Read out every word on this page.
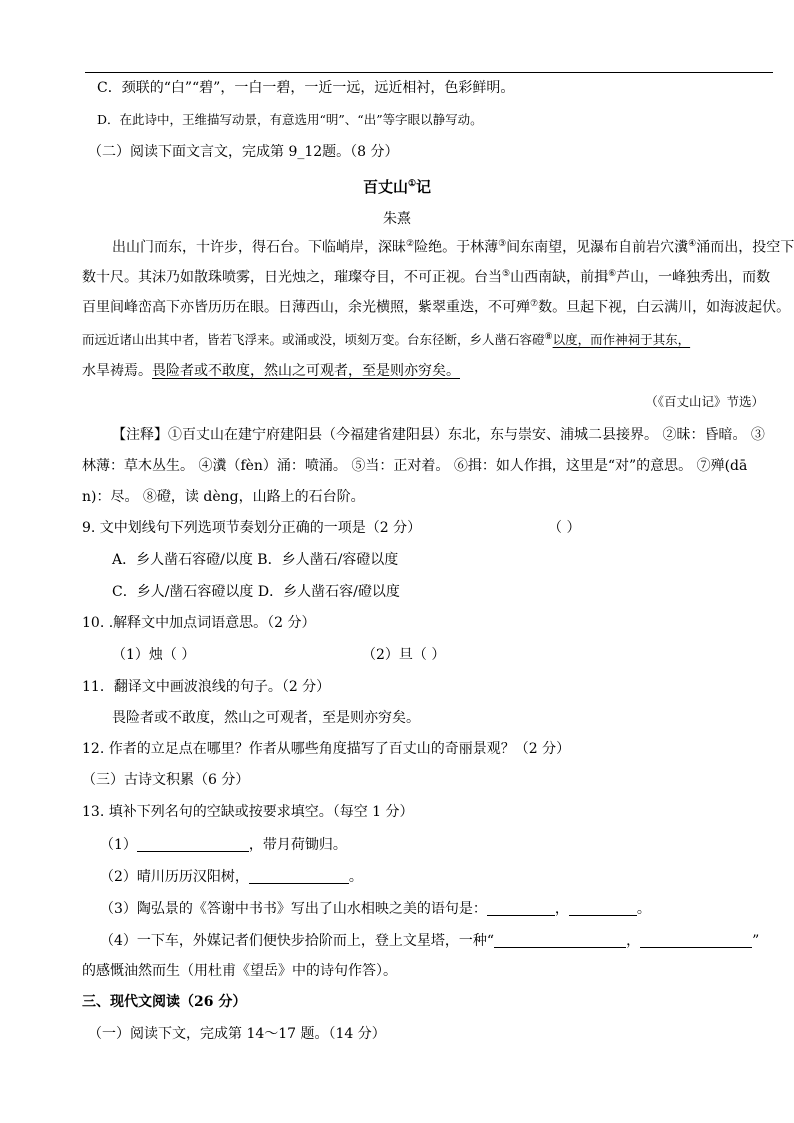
C．颈联的“白”“碧”，一白一碧，一近一远，远近相衬，色彩鲜明。
D．在此诗中，王维描写动景，有意选用“明”、“出”等字眼以静写动。
（二）阅读下面文言文，完成第 9_12题。（8 分）
百丈山①记
朱熹
出山门而东，十许步，得石台。下临峭岸，深昧②险绝。于林薄③间东南望，见瀑布自前岩穴瀵④涌而出，投空下
数十尺。其沫乃如散珠喷雾，日光烛之，璀璨夺目，不可正视。台当⑤山西南缺，前揖⑥芦山，一峰独秀出，而数
百里间峰峦高下亦皆历历在眼。日薄西山，余光横照，紫翠重迭，不可殚⑦数。旦起下视，白云满川，如海波起伏。
而远近诸山出其中者，皆若飞浮来。或涌或没，顷刻万变。台东径断，乡人凿石容磴⑧以度，而作神祠于其东，
水旱祷焉。畏险者或不敢度，然山之可观者，至是则亦穷矣。
（《百丈山记》节选）
【注释】①百丈山在建宁府建阳县（今福建省建阳县）东北，东与崇安、浦城二县接界。 ②昧：昏暗。 ③
林薄：草木丛生。 ④瀵（fèn）涌：喷涌。 ⑤当：正对着。 ⑥揖：如人作揖，这里是“对”的意思。 ⑦殚(dā
n)：尽。 ⑧磴，读 dèng，山路上的石台阶。
9. 文中划线句下列选项节奏划分正确的一项是（2 分）	（ ）
A．乡人凿石容磴/以度 B．乡人凿石/容磴以度
C．乡人/凿石容磴以度 D．乡人凿石容/磴以度
10. .解释文中加点词语意思。（2 分）
（1）烛（ ）	（2）旦（ ）
11．翻译文中画波浪线的句子。（2 分）
畏险者或不敢度，然山之可观者，至是则亦穷矣。
12. 作者的立足点在哪里？作者从哪些角度描写了百丈山的奇丽景观？（2 分）
（三）古诗文积累（6 分）
13. 填补下列名句的空缺或按要求填空。（每空 1 分）
（1）	，带月荷锄归。
（2）晴川历历汉阳树，	。
（3）陶弘景的《答谢中书书》写出了山水相映之美的语句是：	，	。
（4）一下车，外媒记者们便快步拾阶而上，登上文星塔，一种“	，	”
的感慨油然而生（用杜甫《望岳》中的诗句作答）。
三、现代文阅读（26 分）
（一）阅读下文，完成第 14～17 题。（14 分）
